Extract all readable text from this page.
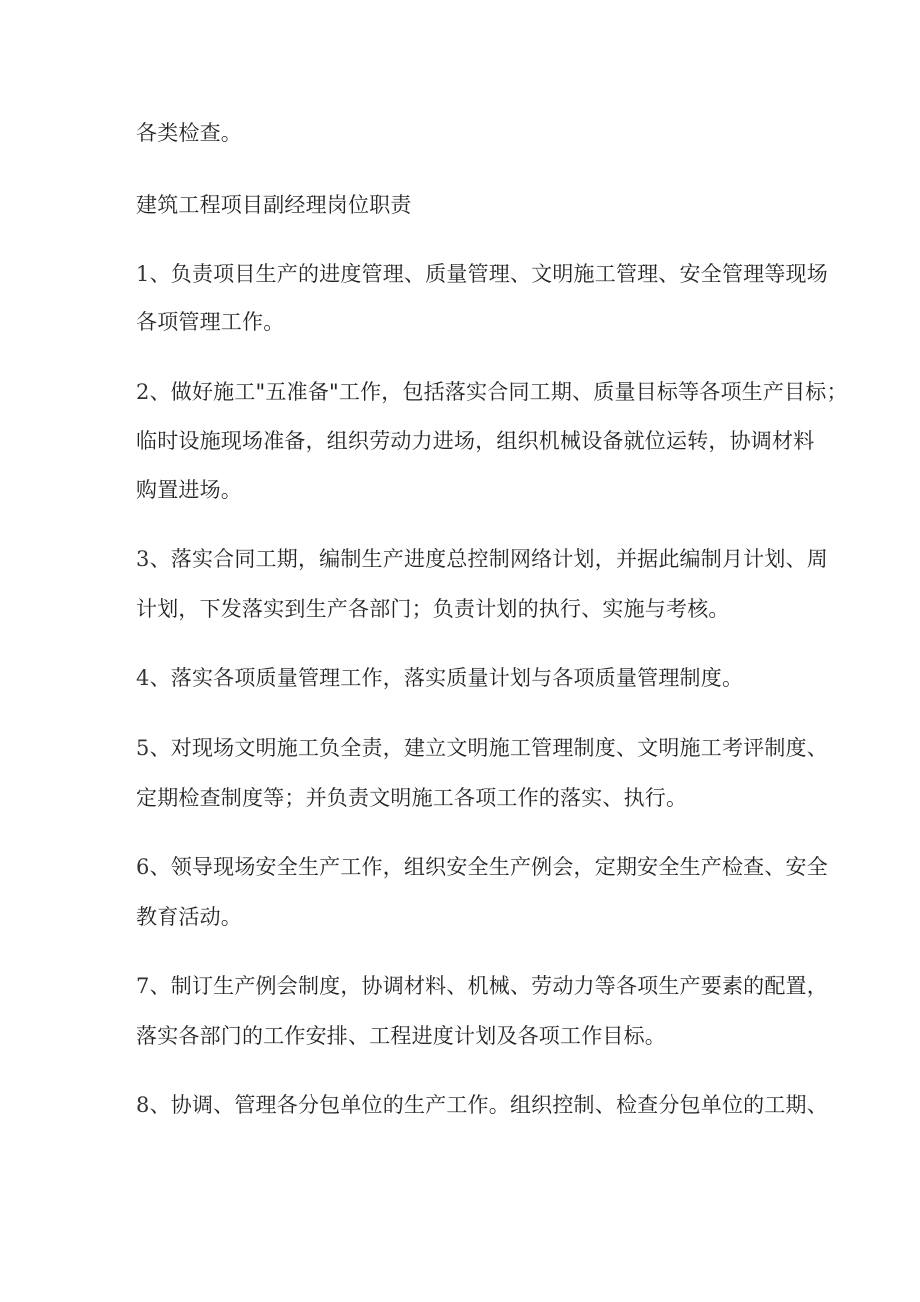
各类检查。
建筑工程项目副经理岗位职责
1、负责项目生产的进度管理、质量管理、文明施工管理、安全管理等现场
各项管理工作。
2、做好施工"五准备"工作，包括落实合同工期、质量目标等各项生产目标；
临时设施现场准备，组织劳动力进场，组织机械设备就位运转，协调材料
购置进场。
3、落实合同工期，编制生产进度总控制网络计划，并据此编制月计划、周
计划，下发落实到生产各部门；负责计划的执行、实施与考核。
4、落实各项质量管理工作，落实质量计划与各项质量管理制度。
5、对现场文明施工负全责，建立文明施工管理制度、文明施工考评制度、
定期检查制度等；并负责文明施工各项工作的落实、执行。
6、领导现场安全生产工作，组织安全生产例会，定期安全生产检查、安全
教育活动。
7、制订生产例会制度，协调材料、机械、劳动力等各项生产要素的配置，
落实各部门的工作安排、工程进度计划及各项工作目标。
8、协调、管理各分包单位的生产工作。组织控制、检查分包单位的工期、
